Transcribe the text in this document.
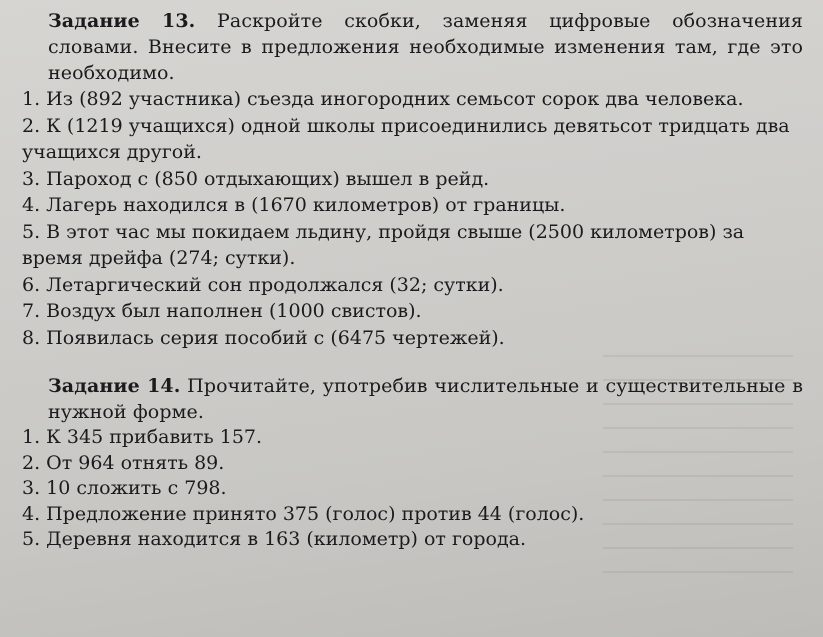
Задание 13. Раскройте скобки, заменяя цифровые обозначения словами. Внесите в предложения необходимые изменения там, где это необходимо.

1. Из (892 участника) съезда иногородних семьсот сорок два человека.
2. К (1219 учащихся) одной школы присоединились девятьсот тридцать два учащихся другой.
3. Пароход с (850 отдыхающих) вышел в рейд.
4. Лагерь находился в (1670 километров) от границы.
5. В этот час мы покидаем льдину, пройдя свыше (2500 километров) за время дрейфа (274; сутки).
6. Летаргический сон продолжался (32; сутки).
7. Воздух был наполнен (1000 свистов).
8. Появилась серия пособий с (6475 чертежей).

Задание 14. Прочитайте, употребив числительные и существительные в нужной форме.

1. К 345 прибавить 157.
2. От 964 отнять 89.
3. 10 сложить с 798.
4. Предложение принято 375 (голос) против 44 (голос).
5. Деревня находится в 163 (километр) от города.
